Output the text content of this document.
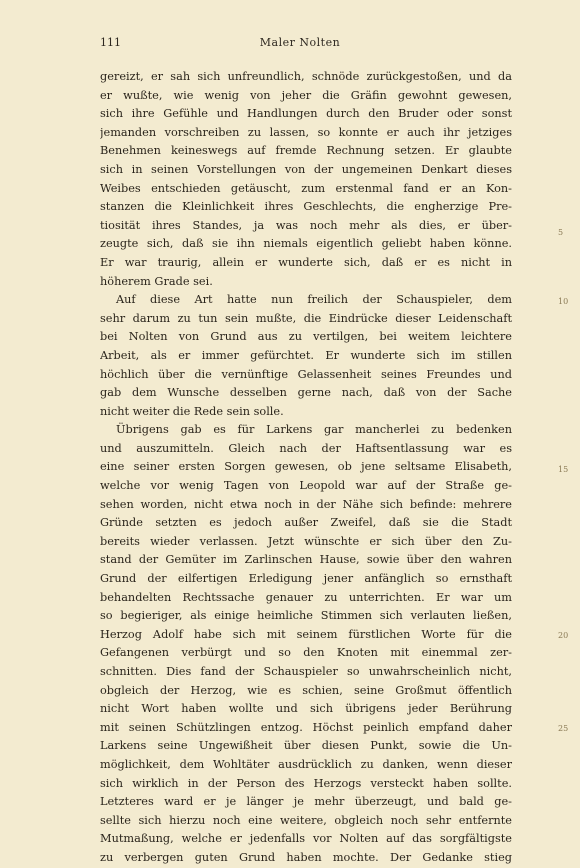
111	Maler Nolten
gereizt, er sah sich unfreundlich, schnöde zurückgestoßen, und da
er wußte, wie wenig von jeher die Gräfin gewohnt gewesen,
sich ihre Gefühle und Handlungen durch den Bruder oder sonst
jemanden vorschreiben zu lassen, so konnte er auch ihr jetziges
Benehmen keineswegs auf fremde Rechnung setzen. Er glaubte
sich in seinen Vorstellungen von der ungemeinen Denkart dieses
Weibes entschieden getäuscht, zum erstenmal fand er an Kon-
stanzen die Kleinlichkeit ihres Geschlechts, die engherzige Pre-
tiosität ihres Standes, ja was noch mehr als dies, er über-
zeugte sich, daß sie ihn niemals eigentlich geliebt haben könne.
Er war traurig, allein er wunderte sich, daß er es nicht in
höherem Grade sei.
Auf diese Art hatte nun freilich der Schauspieler, dem
sehr darum zu tun sein mußte, die Eindrücke dieser Leidenschaft
bei Nolten von Grund aus zu vertilgen, bei weitem leichtere
Arbeit, als er immer gefürchtet. Er wunderte sich im stillen
höchlich über die vernünftige Gelassenheit seines Freundes und
gab dem Wunsche desselben gerne nach, daß von der Sache
nicht weiter die Rede sein solle.
Übrigens gab es für Larkens gar mancherlei zu bedenken
und auszumitteln. Gleich nach der Haftsentlassung war es
eine seiner ersten Sorgen gewesen, ob jene seltsame Elisabeth,
welche vor wenig Tagen von Leopold war auf der Straße ge-
sehen worden, nicht etwa noch in der Nähe sich befinde: mehrere
Gründe setzten es jedoch außer Zweifel, daß sie die Stadt
bereits wieder verlassen. Jetzt wünschte er sich über den Zu-
stand der Gemüter im Zarlinschen Hause, sowie über den wahren
Grund der eilfertigen Erledigung jener anfänglich so ernsthaft
behandelten Rechtssache genauer zu unterrichten. Er war um
so begieriger, als einige heimliche Stimmen sich verlauten ließen,
Herzog Adolf habe sich mit seinem fürstlichen Worte für die
Gefangenen verbürgt und so den Knoten mit einemmal zer-
schnitten. Dies fand der Schauspieler so unwahrscheinlich nicht,
obgleich der Herzog, wie es schien, seine Großmut öffentlich
nicht Wort haben wollte und sich übrigens jeder Berührung
mit seinen Schützlingen entzog. Höchst peinlich empfand daher
Larkens seine Ungewißheit über diesen Punkt, sowie die Un-
möglichkeit, dem Wohltäter ausdrücklich zu danken, wenn dieser
sich wirklich in der Person des Herzogs versteckt haben sollte.
Letzteres ward er je länger je mehr überzeugt, und bald ge-
sellte sich hierzu noch eine weitere, obgleich noch sehr entfernte
Mutmaßung, welche er jedenfalls vor Nolten auf das sorgfältigste
zu verbergen guten Grund haben mochte. Der Gedanke stieg
5
10
15
20
25
